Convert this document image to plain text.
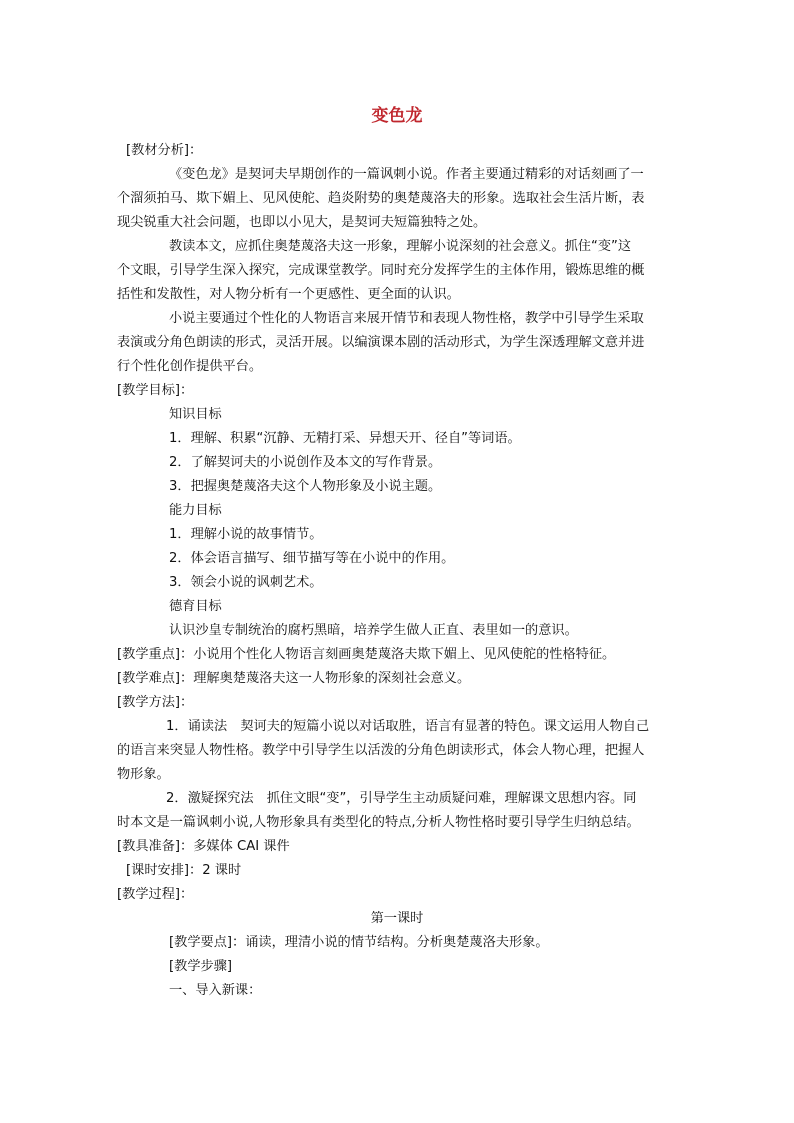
变色龙
[教材分析]：
《变色龙》是契诃夫早期创作的一篇讽刺小说。作者主要通过精彩的对话刻画了一
个溜须拍马、欺下媚上、见风使舵、趋炎附势的奥楚蔑洛夫的形象。选取社会生活片断，表
现尖锐重大社会问题，也即以小见大，是契诃夫短篇独特之处。
教读本文，应抓住奥楚蔑洛夫这一形象，理解小说深刻的社会意义。抓住“变”这
个文眼，引导学生深入探究，完成课堂教学。同时充分发挥学生的主体作用，锻炼思维的概
括性和发散性，对人物分析有一个更感性、更全面的认识。
小说主要通过个性化的人物语言来展开情节和表现人物性格，教学中引导学生采取
表演或分角色朗读的形式，灵活开展。以编演课本剧的活动形式，为学生深透理解文意并进
行个性化创作提供平台。
[教学目标]：
知识目标
1．理解、积累“沉静、无精打采、异想天开、径自”等词语。
2．了解契诃夫的小说创作及本文的写作背景。
3．把握奥楚蔑洛夫这个人物形象及小说主题。
能力目标
1．理解小说的故事情节。
2．体会语言描写、细节描写等在小说中的作用。
3．领会小说的讽刺艺术。
德育目标
认识沙皇专制统治的腐朽黑暗，培养学生做人正直、表里如一的意识。
[教学重点]：小说用个性化人物语言刻画奥楚蔑洛夫欺下媚上、见风使舵的性格特征。
[教学难点]：理解奥楚蔑洛夫这一人物形象的深刻社会意义。
[教学方法]：
1．诵读法　契诃夫的短篇小说以对话取胜，语言有显著的特色。课文运用人物自己
的语言来突显人物性格。教学中引导学生以活泼的分角色朗读形式，体会人物心理，把握人
物形象。
2．激疑探究法　抓住文眼“变”，引导学生主动质疑问难，理解课文思想内容。同
时本文是一篇讽刺小说,人物形象具有类型化的特点,分析人物性格时要引导学生归纳总结。
[教具准备]：多媒体 CAI 课件
[课时安排]：2 课时
[教学过程]：
第一课时
[教学要点]：诵读，理清小说的情节结构。分析奥楚蔑洛夫形象。
[教学步骤]
一、导入新课：
